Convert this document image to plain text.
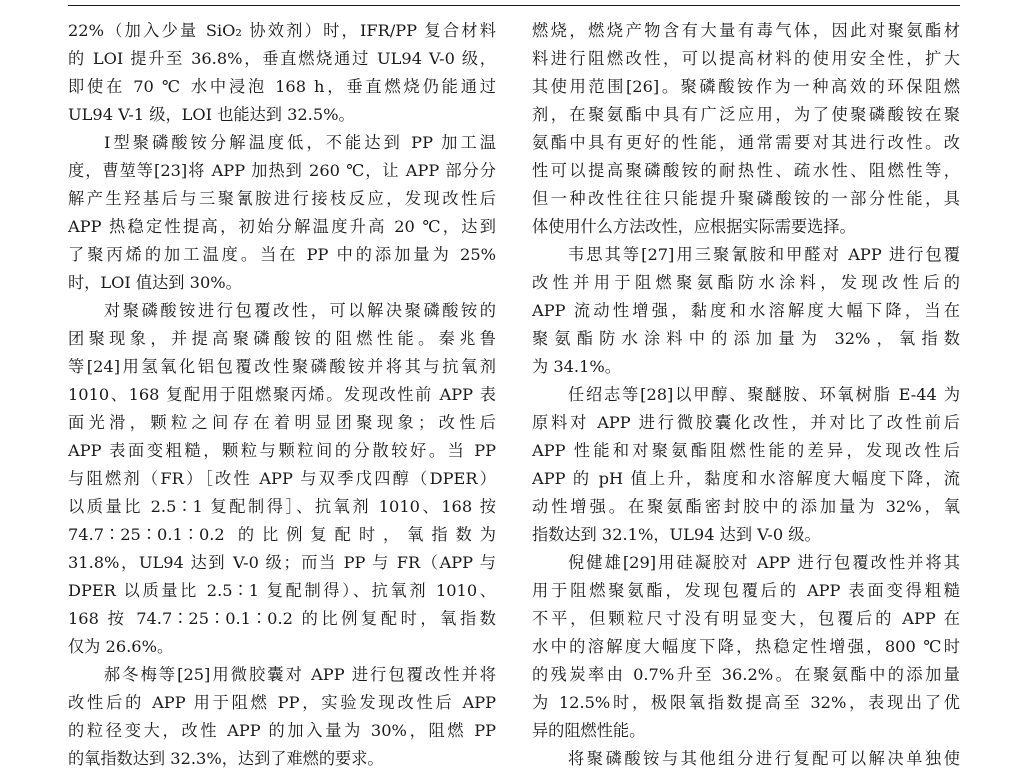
22%（加入少量 SiO₂ 协效剂）时，IFR/PP 复合材料
的 LOI 提升至 36.8%，垂直燃烧通过 UL94 V-0 级，
即使在 70 ℃ 水中浸泡 168 h，垂直燃烧仍能通过
UL94 V-1 级，LOI 也能达到 32.5%。
Ⅰ型聚磷酸铵分解温度低，不能达到 PP 加工温
度，曹堃等[23]将 APP 加热到 260 ℃，让 APP 部分分
解产生羟基后与三聚氰胺进行接枝反应，发现改性后
APP 热稳定性提高，初始分解温度升高 20 ℃，达到
了聚丙烯的加工温度。当在 PP 中的添加量为 25%
时，LOI 值达到 30%。
对聚磷酸铵进行包覆改性，可以解决聚磷酸铵的
团聚现象，并提高聚磷酸铵的阻燃性能。秦兆鲁
等[24]用氢氧化铝包覆改性聚磷酸铵并将其与抗氧剂
1010、168 复配用于阻燃聚丙烯。发现改性前 APP 表
面光滑，颗粒之间存在着明显团聚现象；改性后
APP 表面变粗糙，颗粒与颗粒间的分散较好。当 PP
与阻燃剂（FR）［改性 APP 与双季戊四醇（DPER）
以质量比 2.5∶1 复配制得］、抗氧剂 1010、168 按
74.7∶25∶0.1∶0.2 的比例复配时，氧指数为
31.8%，UL94 达到 V-0 级；而当 PP 与 FR（APP 与
DPER 以质量比 2.5∶1 复配制得）、抗氧剂 1010、
168 按 74.7∶25∶0.1∶0.2 的比例复配时，氧指数
仅为 26.6%。
郝冬梅等[25]用微胶囊对 APP 进行包覆改性并将
改性后的 APP 用于阻燃 PP，实验发现改性后 APP
的粒径变大，改性 APP 的加入量为 30%，阻燃 PP
的氧指数达到 32.3%，达到了难燃的要求。
燃烧，燃烧产物含有大量有毒气体，因此对聚氨酯材
料进行阻燃改性，可以提高材料的使用安全性，扩大
其使用范围[26]。聚磷酸铵作为一种高效的环保阻燃
剂，在聚氨酯中具有广泛应用，为了使聚磷酸铵在聚
氨酯中具有更好的性能，通常需要对其进行改性。改
性可以提高聚磷酸铵的耐热性、疏水性、阻燃性等，
但一种改性往往只能提升聚磷酸铵的一部分性能，具
体使用什么方法改性，应根据实际需要选择。
韦思其等[27]用三聚氰胺和甲醛对 APP 进行包覆
改性并用于阻燃聚氨酯防水涂料，发现改性后的
APP 流动性增强，黏度和水溶解度大幅下降，当在
聚氨酯防水涂料中的添加量为 32%，氧指数
为 34.1%。
任绍志等[28]以甲醇、聚醚胺、环氧树脂 E-44 为
原料对 APP 进行微胶囊化改性，并对比了改性前后
APP 性能和对聚氨酯阻燃性能的差异，发现改性后
APP 的 pH 值上升，黏度和水溶解度大幅度下降，流
动性增强。在聚氨酯密封胶中的添加量为 32%，氧
指数达到 32.1%，UL94 达到 V-0 级。
倪健雄[29]用硅凝胶对 APP 进行包覆改性并将其
用于阻燃聚氨酯，发现包覆后的 APP 表面变得粗糙
不平，但颗粒尺寸没有明显变大，包覆后的 APP 在
水中的溶解度大幅度下降，热稳定性增强，800 ℃时
的残炭率由 0.7%升至 36.2%。在聚氨酯中的添加量
为 12.5%时，极限氧指数提高至 32%，表现出了优
异的阻燃性能。
将聚磷酸铵与其他组分进行复配可以解决单独使
